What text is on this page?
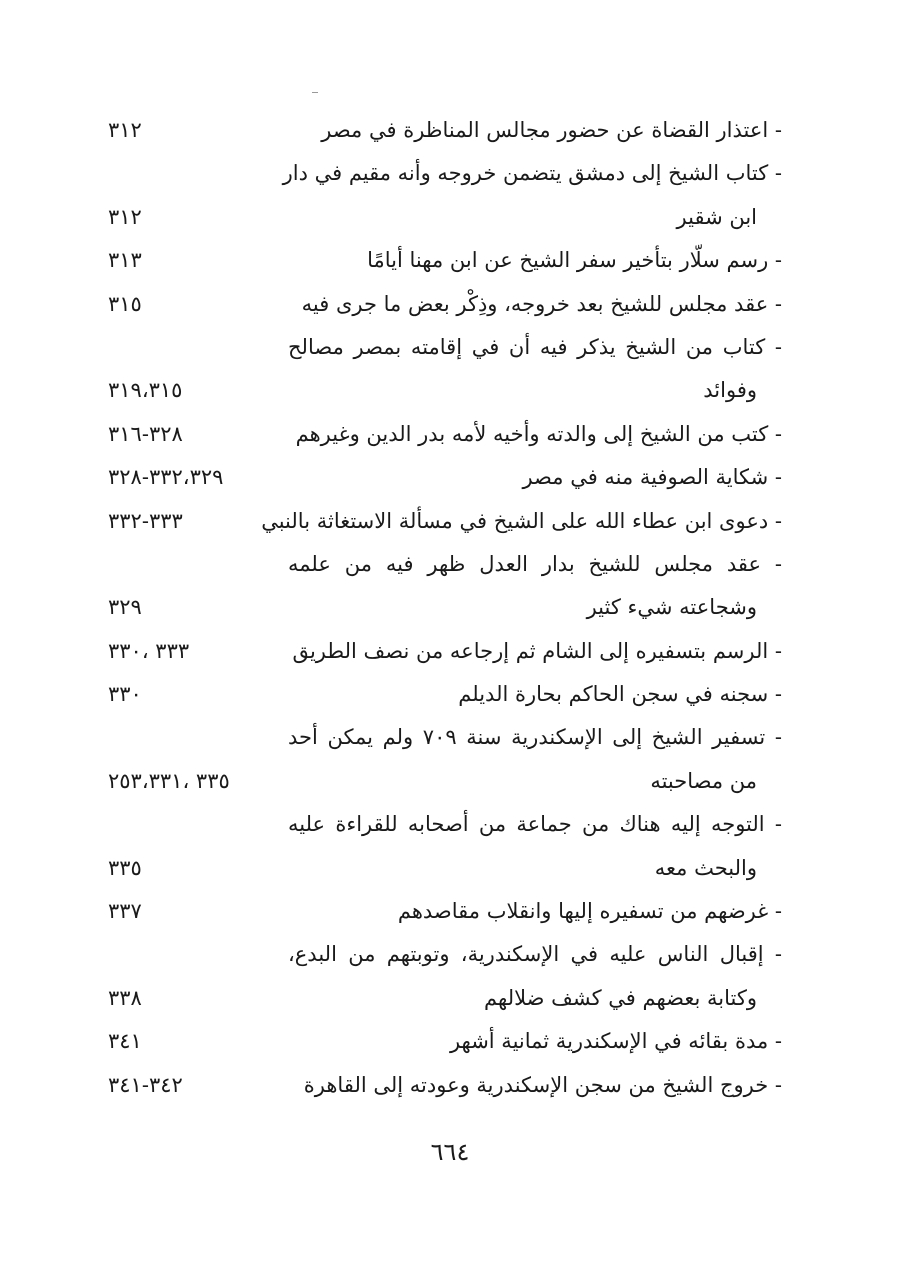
- اعتذار القضاة عن حضور مجالس المناظرة في مصر
٣١٢
- كتاب الشيخ إلى دمشق يتضمن خروجه وأنه مقيم في دار
ابن شقير
٣١٢
- رسم سلّار بتأخير سفر الشيخ عن ابن مهنا أيامًا
٣١٣
- عقد مجلس للشيخ بعد خروجه، وذِكْر بعض ما جرى فيه
٣١٥
- كتاب من الشيخ يذكر فيه أن في إقامته بمصر مصالح
وفوائد
٣١٩،٣١٥
- كتب من الشيخ إلى والدته وأخيه لأمه بدر الدين وغيرهم
٣٢٨-٣١٦
- شكاية الصوفية منه في مصر
٣٣٢،٣٢٩-٣٢٨
- دعوى ابن عطاء الله على الشيخ في مسألة الاستغاثة بالنبي
٣٣٣-٣٣٢
- عقد مجلس للشيخ بدار العدل ظهر فيه من علمه
وشجاعته شيء كثير
٣٢٩
- الرسم بتسفيره إلى الشام ثم إرجاعه من نصف الطريق
٣٣٣ ،٣٣٠
- سجنه في سجن الحاكم بحارة الديلم
٣٣٠
- تسفير الشيخ إلى الإسكندرية سنة ٧٠٩ ولم يمكن أحد
من مصاحبته
٣٣٥ ،٢٥٣،٣٣١
- التوجه إليه هناك من جماعة من أصحابه للقراءة عليه
والبحث معه
٣٣٥
- غرضهم من تسفيره إليها وانقلاب مقاصدهم
٣٣٧
- إقبال الناس عليه في الإسكندرية، وتوبتهم من البدع،
وكتابة بعضهم في كشف ضلالهم
٣٣٨
- مدة بقائه في الإسكندرية ثمانية أشهر
٣٤١
- خروج الشيخ من سجن الإسكندرية وعودته إلى القاهرة
٣٤٢-٣٤١
٦٦٤
